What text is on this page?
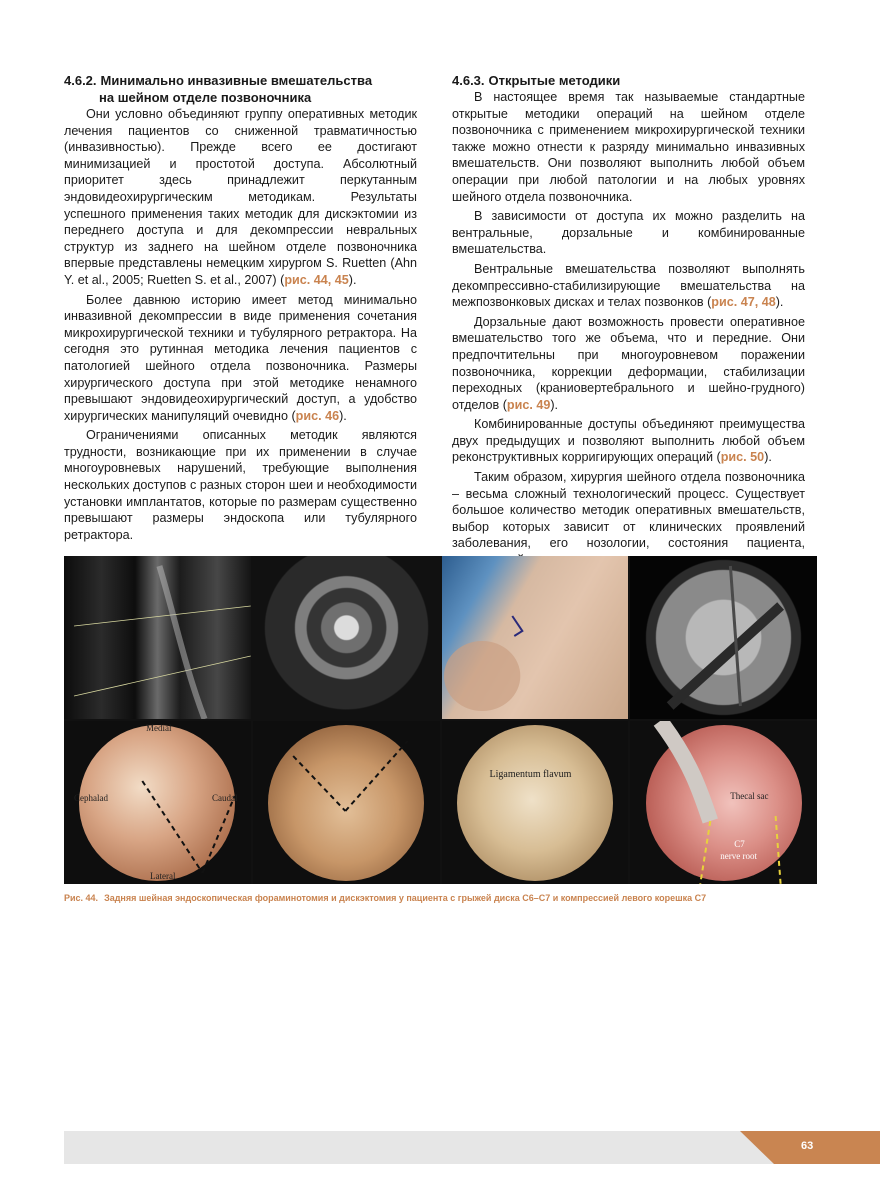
4.6.2. Минимально инвазивные вмешательства
на шейном отделе позвоночника

Они условно объединяют группу оперативных методик лечения пациентов со сниженной травматичностью (инвазивностью). Прежде всего ее достигают минимизацией и простотой доступа. Абсолютный приоритет здесь принадлежит перкутанным эндовидеохирургическим методикам. Результаты успешного применения таких методик для дискэктомии из переднего доступа и для декомпрессии невральных структур из заднего на шейном отделе позвоночника впервые представлены немецким хирургом S. Ruetten (Ahn Y. et al., 2005; Ruetten S. et al., 2007) (рис. 44, 45).

Более давнюю историю имеет метод минимально инвазивной декомпрессии в виде применения сочетания микрохирургической техники и тубулярного ретрактора. На сегодня это рутинная методика лечения пациентов с патологией шейного отдела позвоночника. Размеры хирургического доступа при этой методике ненамного превышают эндовидеохирургический доступ, а удобство хирургических манипуляций очевидно (рис. 46).

Ограничениями описанных методик являются трудности, возникающие при их применении в случае многоуровневых нарушений, требующие выполнения нескольких доступов с разных сторон шеи и необходимости установки имплантатов, которые по размерам существенно превышают размеры эндоскопа или тубулярного ретрактора.

4.6.3. Открытые методики

В настоящее время так называемые стандартные открытые методики операций на шейном отделе позвоночника с применением микрохирургической техники также можно отнести к разряду минимально инвазивных вмешательств. Они позволяют выполнить любой объем операции при любой патологии и на любых уровнях шейного отдела позвоночника.

В зависимости от доступа их можно разделить на вентральные, дорзальные и комбинированные вмешательства.

Вентральные вмешательства позволяют выполнять декомпрессивно-стабилизирующие вмешательства на межпозвонковых дисках и телах позвонков (рис. 47, 48).

Дорзальные дают возможность провести оперативное вмешательство того же объема, что и передние. Они предпочтительны при многоуровневом поражении позвоночника, коррекции деформации, стабилизации переходных (краниовертебрального и шейно-грудного) отделов (рис. 49).

Комбинированные доступы объединяют преимущества двух предыдущих и позволяют выполнить любой объем реконструктивных корригирующих операций (рис. 50).

Таким образом, хирургия шейного отдела позвоночника – весьма сложный технологический процесс. Существует большое количество методик оперативных вмешательств, выбор которых зависит от клинических проявлений заболевания, его нозологии, состояния пациента,

Medial
Cephalad	Caudal
Lateral
Ligamentum flavum
Thecal sac
C7
nerve root
Рис. 44. Задняя шейная эндоскопическая фораминотомия и дискэктомия у пациента с грыжей диска С6–С7 и компрессией левого корешка С7
63
